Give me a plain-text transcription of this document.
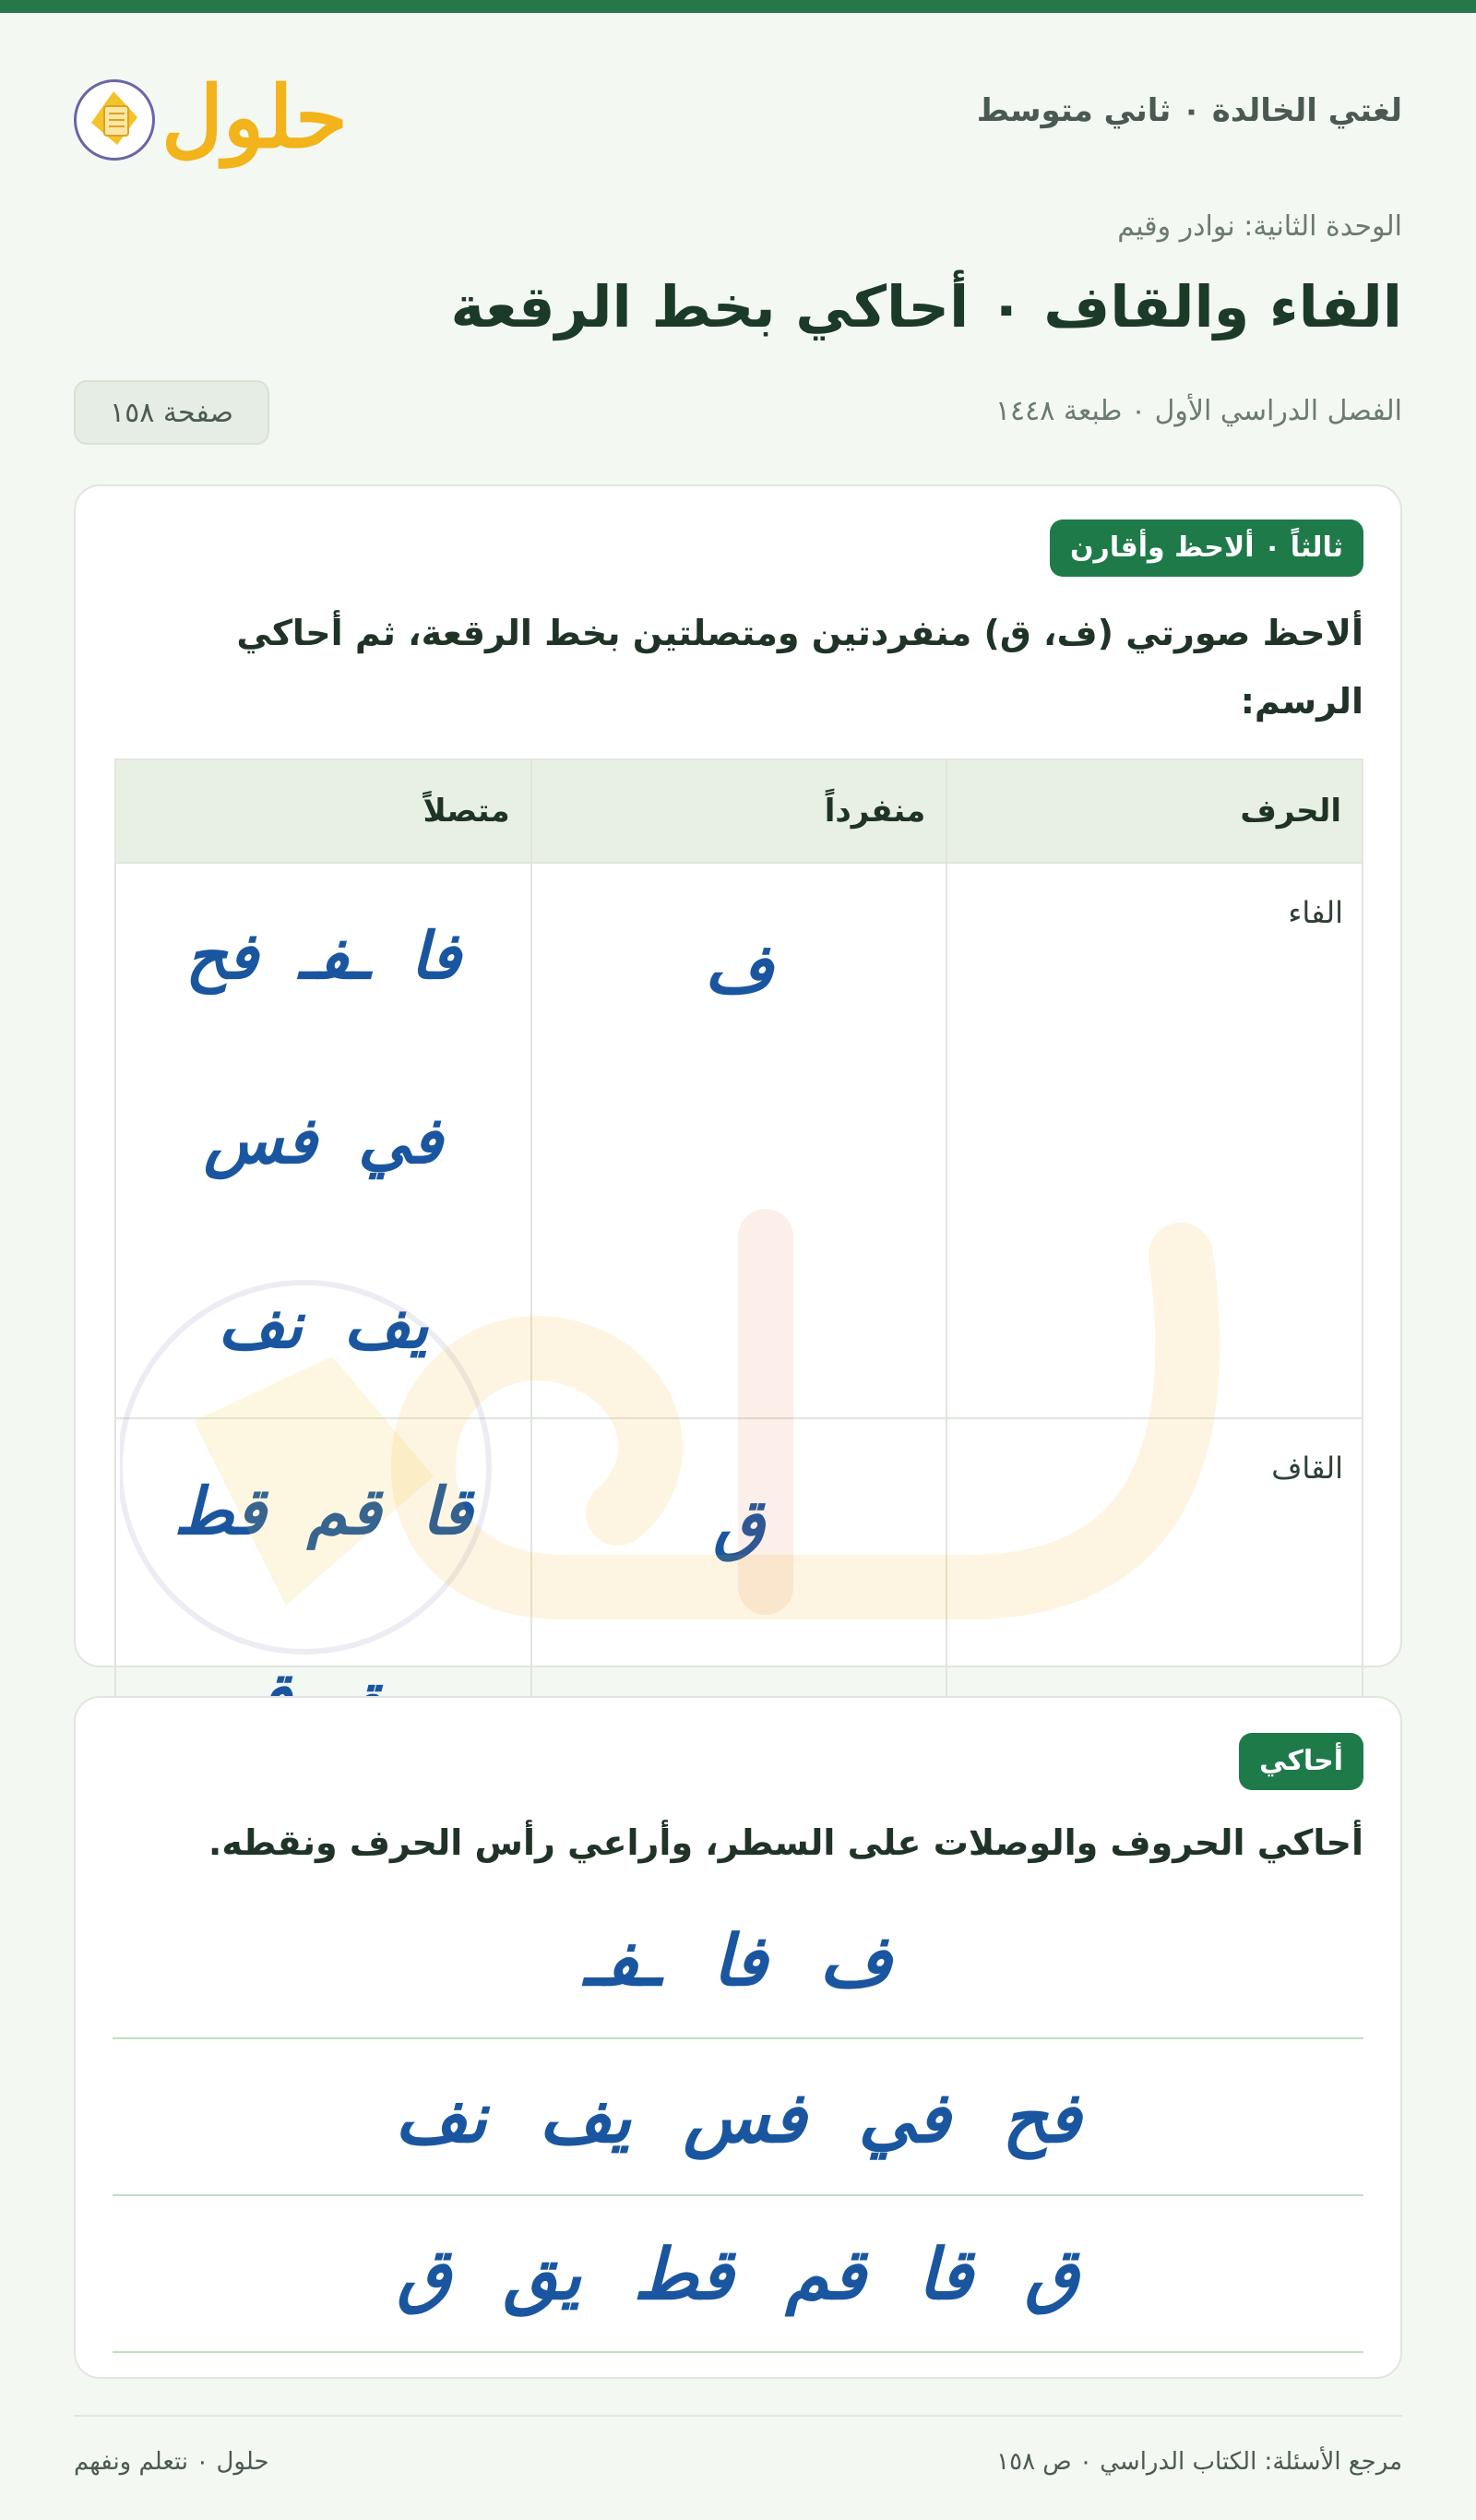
حلول	لغتي الخالدة ٠ ثاني متوسط
الوحدة الثانية: نوادر وقيم
الفاء والقاف ٠ أحاكي بخط الرقعة
الفصل الدراسي الأول ٠ طبعة ١٤٤٨
صفحة ١٥٨
ثالثاً ٠ ألاحظ وأقارن
ألاحظ صورتي (ف، ق) منفردتين ومتصلتين بخط الرقعة، ثم أحاكي الرسم:
الحرف	منفرداً	متصلاً

الفاء	ف	فا ـفـ فح في فس يف نف

القاف	ق	قا قم قط
أحاكي
أحاكي الحروف والوصلات على السطر، وأراعي رأس الحرف ونقطه.
ف فا ـفـ
فح في فس يف نف
ق قا قم قط يق ق
مرجع الأسئلة: الكتاب الدراسي ٠ ص ١٥٨
حلول ٠ نتعلم ونفهم
